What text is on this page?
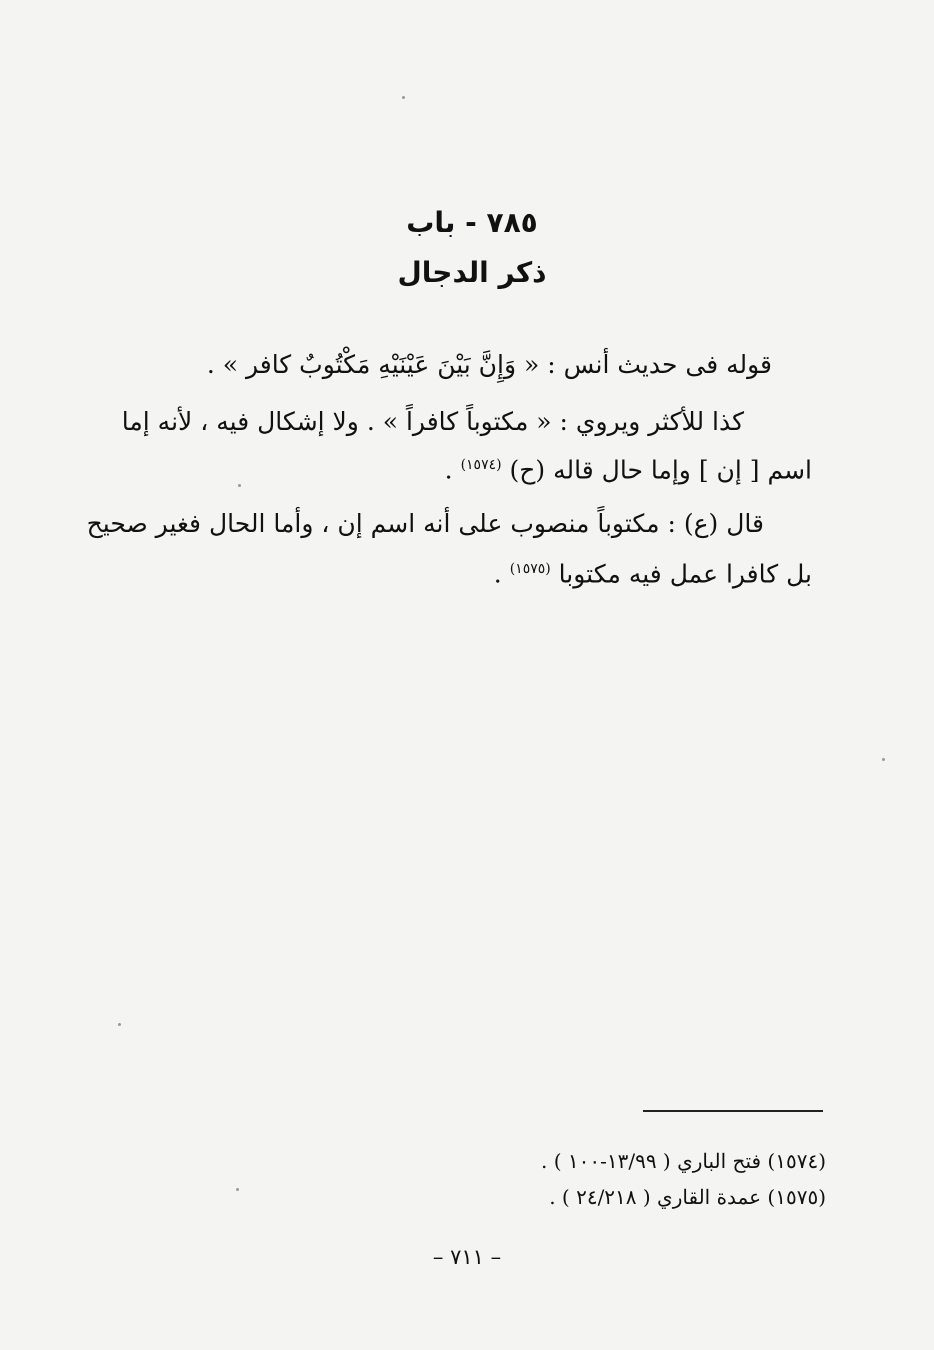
٧٨٥ - باب
ذكر الدجال
قوله فى حديث أنس : « وَإِنَّ بَيْنَ عَيْنَيْهِ مَكْتُوبٌ كافر » .
كذا للأكثر ويروي : « مكتوباً كافراً » . ولا إشكال فيه ، لأنه إما
اسم [ إن ] وإما حال قاله (ح) $^{(١٥٧٤)}$ .
قال (ع) : مكتوباً منصوب على أنه اسم إن ، وأما الحال فغير صحيح
بل كافرا عمل فيه مكتوبا $^{(١٥٧٥)}$ .
(١٥٧٤) فتح الباري ( ١٣/٩٩-١٠٠ ) .
(١٥٧٥) عمدة القاري ( ٢٤/٢١٨ ) .
– ٧١١ –
